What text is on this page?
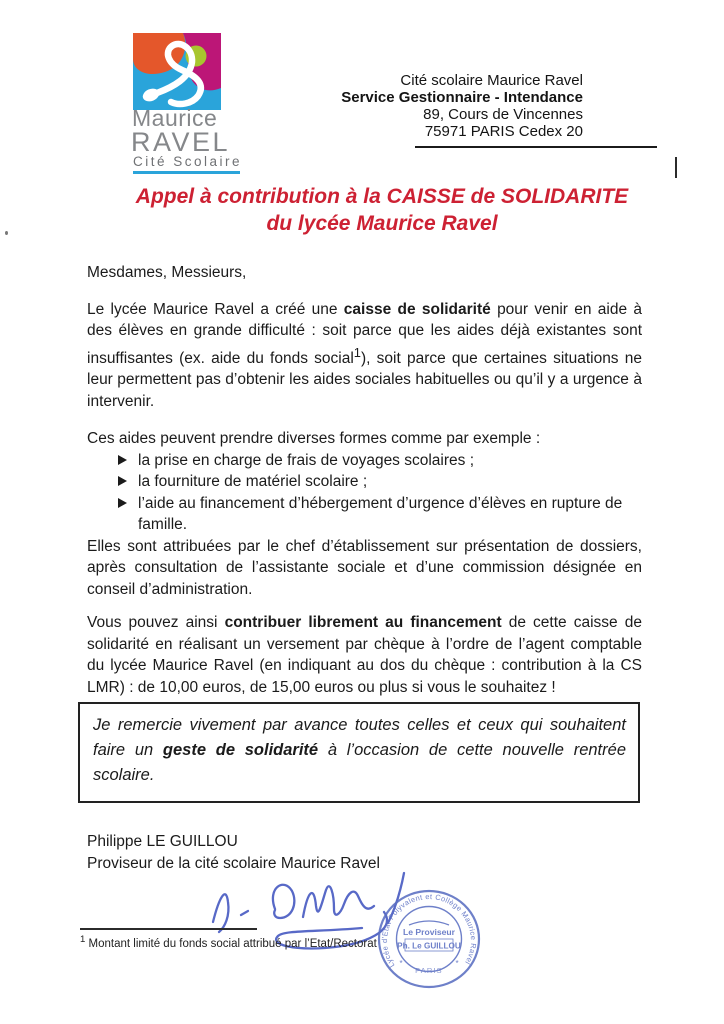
Maurice
RAVEL
Cité Scolaire
Cité scolaire Maurice Ravel
Service Gestionnaire - Intendance
89, Cours de Vincennes
75971 PARIS Cedex 20
Appel à contribution à la CAISSE de SOLIDARITE
du lycée Maurice Ravel

Mesdames, Messieurs,

Le lycée Maurice Ravel a créé une caisse de solidarité pour venir en aide à des élèves en grande difficulté : soit parce que les aides déjà existantes sont insuffisantes (ex. aide du fonds social$^1$), soit parce que certaines situations ne leur permettent pas d’obtenir les aides sociales habituelles ou qu’il y a urgence à intervenir.

Ces aides peuvent prendre diverses formes comme par exemple :

la prise en charge de frais de voyages scolaires ;
la fourniture de matériel scolaire ;
l’aide au financement d’hébergement d’urgence d’élèves en rupture de famille.

Elles sont attribuées par le chef d’établissement sur présentation de dossiers, après consultation de l’assistante sociale et d’une commission désignée en conseil d’administration.

Vous pouvez ainsi contribuer librement au financement de cette caisse de solidarité en réalisant un versement par chèque à l’ordre de l’agent comptable du lycée Maurice Ravel (en indiquant au dos du chèque : contribution à la CS LMR) : de 10,00 euros, de 15,00 euros ou plus si vous le souhaitez !

Je remercie vivement par avance toutes celles et ceux qui souhaitent faire un geste de solidarité à l’occasion de cette nouvelle rentrée scolaire.
Philippe LE GUILLOU
Proviseur de la cité scolaire Maurice Ravel
Lycée d'Etat Polyvalent et Collège Maurice Ravel
Le Proviseur
Ph. Le GUILLOU
*	*
PARIS
$^1$ Montant limité du fonds social attribué par l’Etat/Rectorat
